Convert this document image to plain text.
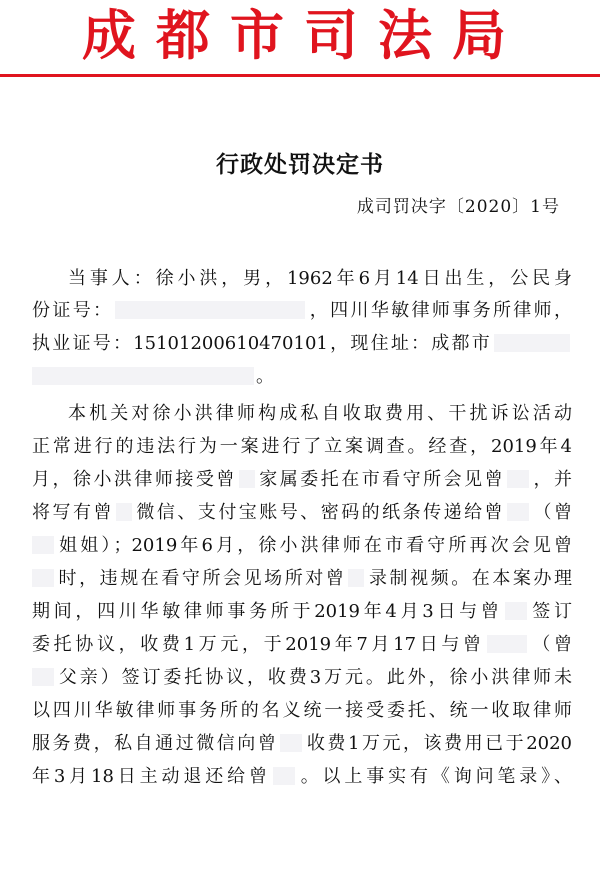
成都市司法局
行政处罚决定书
成司罚决字〔2020〕1号
当事人：徐小洪，男，1962年6月14日出生，公民身
份证号：	，四川华敏律师事务所律师，
执业证号：15101200610470101，现住址：成都市
。
本机关对徐小洪律师构成私自收取费用、干扰诉讼活动
正常进行的违法行为一案进行了立案调查。经查，2019年4
月，徐小洪律师接受曾 家属委托在市看守所会见曾 ，并
将写有曾 微信、支付宝账号、密码的纸条传递给曾 （曾
姐姐）；2019年6月，徐小洪律师在市看守所再次会见曾
时，违规在看守所会见场所对曾 录制视频。在本案办理
期间，四川华敏律师事务所于2019年4月3日与曾 签订
委托协议，收费1万元，于2019年7月17日与曾 （曾
父亲）签订委托协议，收费3万元。此外，徐小洪律师未
以四川华敏律师事务所的名义统一接受委托、统一收取律师
服务费，私自通过微信向曾 收费1万元，该费用已于2020
年3月18日主动退还给曾 。以上事实有《询问笔录》、
